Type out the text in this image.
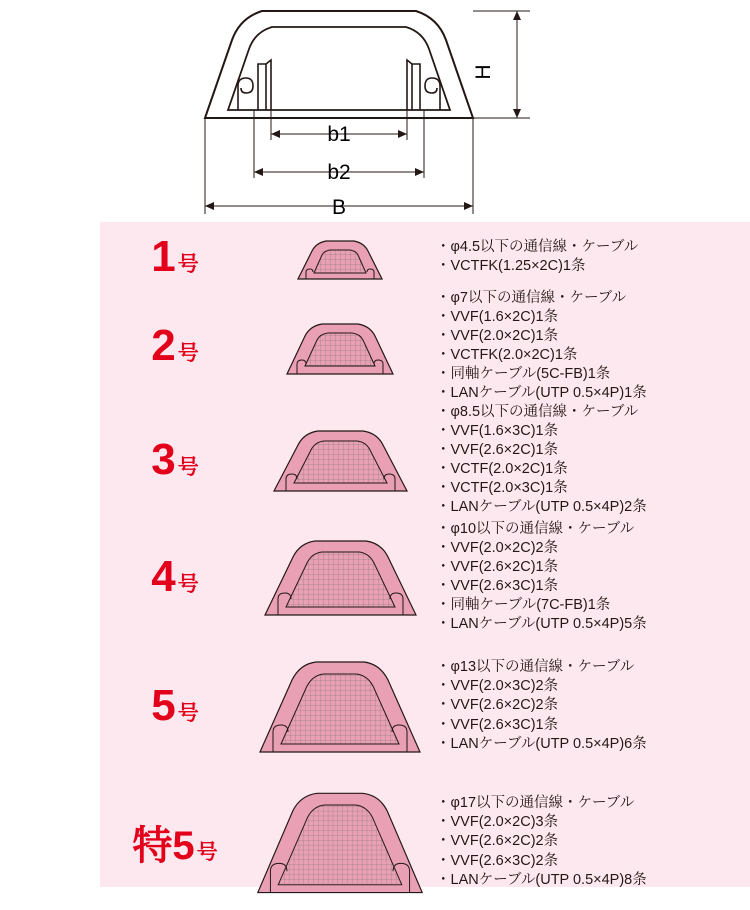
H
b1
b2
B
1号
・φ4.5以下の通信線・ケーブル
・VCTFK(1.25×2C)1条
2号
・φ7以下の通信線・ケーブル
・VVF(1.6×2C)1条
・VVF(2.0×2C)1条
・VCTFK(2.0×2C)1条
・同軸ケーブル(5C-FB)1条
・LANケーブル(UTP 0.5×4P)1条
3号
・φ8.5以下の通信線・ケーブル
・VVF(1.6×3C)1条
・VVF(2.6×2C)1条
・VCTF(2.0×2C)1条
・VCTF(2.0×3C)1条
・LANケーブル(UTP 0.5×4P)2条
4号
・φ10以下の通信線・ケーブル
・VVF(2.0×2C)2条
・VVF(2.6×2C)1条
・VVF(2.6×3C)1条
・同軸ケーブル(7C-FB)1条
・LANケーブル(UTP 0.5×4P)5条
5号
・φ13以下の通信線・ケーブル
・VVF(2.0×3C)2条
・VVF(2.6×2C)2条
・VVF(2.6×3C)1条
・LANケーブル(UTP 0.5×4P)6条
特5号
・φ17以下の通信線・ケーブル
・VVF(2.0×2C)3条
・VVF(2.6×2C)2条
・VVF(2.6×3C)2条
・LANケーブル(UTP 0.5×4P)8条
